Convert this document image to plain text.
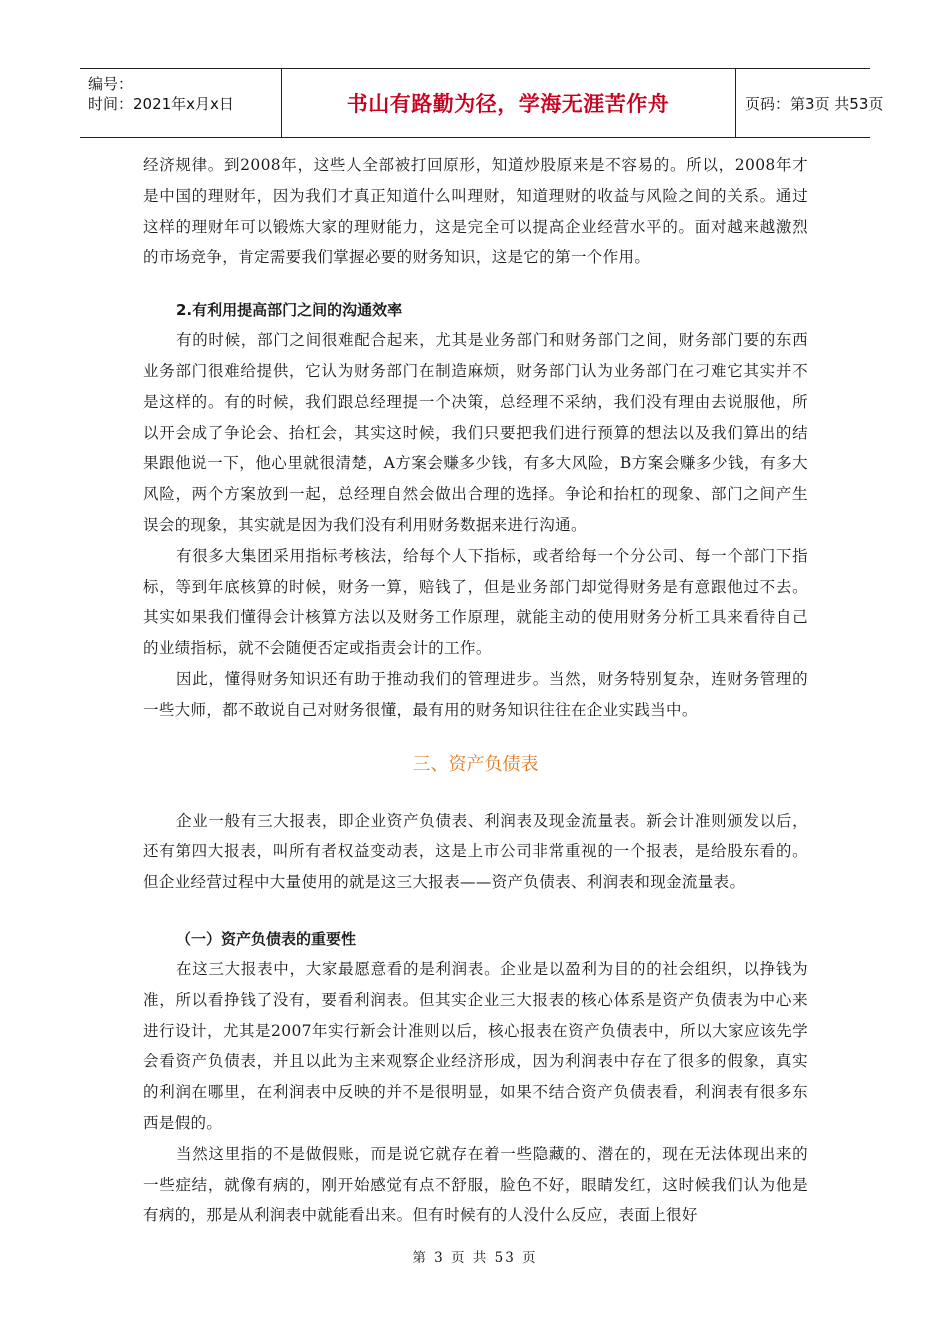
编号：
时间：2021年x月x日	书山有路勤为径，学海无涯苦作舟	页码：第3页 共53页

经济规律。到2008年，这些人全部被打回原形，知道炒股原来是不容易的。所以，2008年才是中国的理财年，因为我们才真正知道什么叫理财，知道理财的收益与风险之间的关系。通过这样的理财年可以锻炼大家的理财能力，这是完全可以提高企业经营水平的。面对越来越激烈的市场竞争，肯定需要我们掌握必要的财务知识，这是它的第一个作用。

2.有利用提高部门之间的沟通效率

有的时候，部门之间很难配合起来，尤其是业务部门和财务部门之间，财务部门要的东西业务部门很难给提供，它认为财务部门在制造麻烦，财务部门认为业务部门在刁难它其实并不是这样的。有的时候，我们跟总经理提一个决策，总经理不采纳，我们没有理由去说服他，所以开会成了争论会、抬杠会，其实这时候，我们只要把我们进行预算的想法以及我们算出的结果跟他说一下，他心里就很清楚，A方案会赚多少钱，有多大风险，B方案会赚多少钱，有多大风险，两个方案放到一起，总经理自然会做出合理的选择。争论和抬杠的现象、部门之间产生误会的现象，其实就是因为我们没有利用财务数据来进行沟通。

有很多大集团采用指标考核法，给每个人下指标，或者给每一个分公司、每一个部门下指标，等到年底核算的时候，财务一算，赔钱了，但是业务部门却觉得财务是有意跟他过不去。其实如果我们懂得会计核算方法以及财务工作原理，就能主动的使用财务分析工具来看待自己的业绩指标，就不会随便否定或指责会计的工作。

因此，懂得财务知识还有助于推动我们的管理进步。当然，财务特别复杂，连财务管理的一些大师，都不敢说自己对财务很懂，最有用的财务知识往往在企业实践当中。

三、资产负债表

企业一般有三大报表，即企业资产负债表、利润表及现金流量表。新会计准则颁发以后，还有第四大报表，叫所有者权益变动表，这是上市公司非常重视的一个报表，是给股东看的。但企业经营过程中大量使用的就是这三大报表——资产负债表、利润表和现金流量表。

（一）资产负债表的重要性

在这三大报表中，大家最愿意看的是利润表。企业是以盈利为目的的社会组织，以挣钱为准，所以看挣钱了没有，要看利润表。但其实企业三大报表的核心体系是资产负债表为中心来进行设计，尤其是2007年实行新会计准则以后，核心报表在资产负债表中，所以大家应该先学会看资产负债表，并且以此为主来观察企业经济形成，因为利润表中存在了很多的假象，真实的利润在哪里，在利润表中反映的并不是很明显，如果不结合资产负债表看，利润表有很多东西是假的。

当然这里指的不是做假账，而是说它就存在着一些隐藏的、潜在的，现在无法体现出来的一些症结，就像有病的，刚开始感觉有点不舒服，脸色不好，眼睛发红，这时候我们认为他是有病的，那是从利润表中就能看出来。但有时候有的人没什么反应，表面上很好

第 3 页 共 53 页
